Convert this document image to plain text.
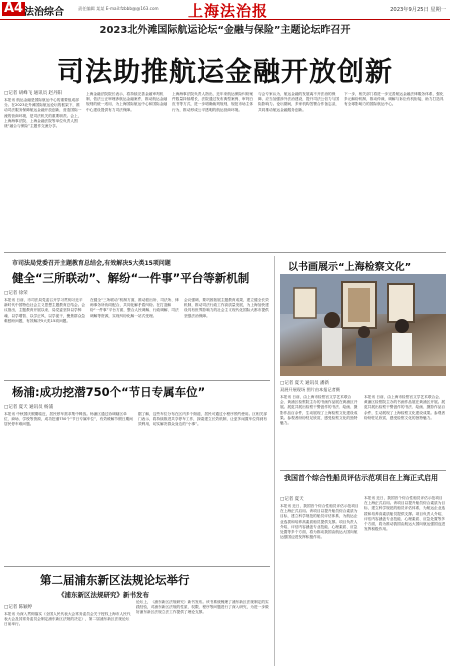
A4 法治综合	责任编辑 某某 E-mail:fzbbb@@163.com 上海法治报	2023年9月25日 星期一
2023北外滩国际航运论坛“金融与保险”主题论坛昨召开
司法助推航运金融开放创新
□记者 胡峰飞 通讯员 赵丹阳
本报讯 航运金融是国际航运中心的重要组成部分。在2023北外滩国际航运论坛的框架下，推动司法服务保障航运金融开放创新，营造国际一流的营商环境，是司法机关的重要职责。会上，上海海事法院、上海金融法院等单位负责人围绕“融合与保险”主题作交流分享。
上海金融法院院长表示，将持续完善金融审判机制，依法公正审理涉航运金融案件，推动航运金融规则的统一适用，为上海国际航运中心和国际金融中心建设提供有力司法保障。
上海海事法院负责人指出，近年来航运保险纠纷案件数量持续增长，法院通过发布典型案例、审判白皮书等方式，进一步明确裁判规则，规范市场主体行为，推动形成公平透明的航运营商环境。
与会专家认为，航运金融的发展离不开法治的保障，应当加强涉外法治建设，提升司法公信力与国际影响力。论坛期间，多家机构签署合作备忘录，共同推动航运金融服务创新。
下一步，相关部门将进一步完善航运金融法律服务体系，强化多元解纷机制，推动仲裁、调解与诉讼有机衔接，助力打造具有全球影响力的国际航运中心。
市司法局党委召开主题教育总结会,有效解决5大类15项问题
健全“三所联动”、解纷“一件事”平台等新机制
□记者 徐荣
本报讯 日前，市司法局党委召开学习贯彻习近平新时代中国特色社会主义思想主题教育总结会。会议指出，主题教育开展以来，局党委坚持以学铸魂、以学增智、以学正风、以学促干，聚焦群众急难愁盼问题，有效解决5大类15项问题。
在健全“三所联动”机制方面，推动派出所、司法所、律师事务所协同配合，共同化解矛盾纠纷。在打造解纷“一件事”平台方面，整合人民调解、行政调解、司法调解等资源，实现纠纷化解一站式受理。
会议强调，要巩固拓展主题教育成果，建立健全长效机制，推动司法行政工作高质量发展，为上海加快建设具有世界影响力的社会主义现代化国际大都市提供坚强法治保障。
杨浦:成功挖潜750个“节日专属车位”
□记者 夏天 通讯员 杨浦
本报讯 中秋国庆假期临近，居民停车需求集中释放。杨浦区通过协调辖区单位、商场、学校等资源，成功挖潜750个“节日专属车位”，有效缓解节假日期间居民停车难问题。
据了解，这些车位分布在区内多个街道，居民可通过小程序预约使用。区相关部门表示，将持续推进共享停车工作，探索建立长效机制，让更多闲置车位得到有效利用，切实解决群众身边的“小事”。
第二届浦东新区法规论坛举行
《浦东新区法规研究》新书发布
□记者 陈颖婷
本报讯 为深入贯彻落实《全国人民代表大会常务委员会关于授权上海市人民代表大会及其常务委员会制定浦东新区法规的决定》，第二届浦东新区法规论坛日前举行。
论坛上，《浦东新区法规研究》新书发布。该书系统梳理了浦东新区法规制定的实践经验，对浦东新区法规的性质、权限、程序等问题进行了深入研究，为进一步做好浦东新区法规立法工作提供了理论支撑。
以书画展示“上海检察文化”
□记者 夏天 通讯员 潘新
双展开展现场 图片由本报记者摄
本报讯 日前，由上海市检察官文学艺术联合会、黄浦区检察院主办的书画作品展在黄浦区开展。展览共展出检察干警创作的书法、绘画、摄影作品百余件，生动展现了上海检察文化建设成果。参观者纷纷驻足欣赏，感受检察文化的独特魅力。
本报讯 日前，由上海市检察官文学艺术联合会、黄浦区检察院主办的书画作品展在黄浦区开展。展览共展出检察干警创作的书法、绘画、摄影作品百余件，生动展现了上海检察文化建设成果。参观者纷纷驻足欣赏，感受检察文化的独特魅力。
我国首个综合性船员评估示范项目在上海正式启用
□记者 夏天
本报讯 近日，我国首个综合性船员评估示范项目在上海正式启用。该项目以提升船员综合素质为目标，建立科学规范的船员评估体系，为航运企业选拔和培养高素质船员提供支撑。项目负责人介绍，评估内容涵盖专业技能、心理素质、应急处置等多个方面，将为推动我国由航运大国向航运强国迈进发挥积极作用。
本报讯 近日，我国首个综合性船员评估示范项目在上海正式启用。该项目以提升船员综合素质为目标，建立科学规范的船员评估体系，为航运企业选拔和培养高素质船员提供支撑。项目负责人介绍，评估内容涵盖专业技能、心理素质、应急处置等多个方面，将为推动我国由航运大国向航运强国迈进发挥积极作用。
